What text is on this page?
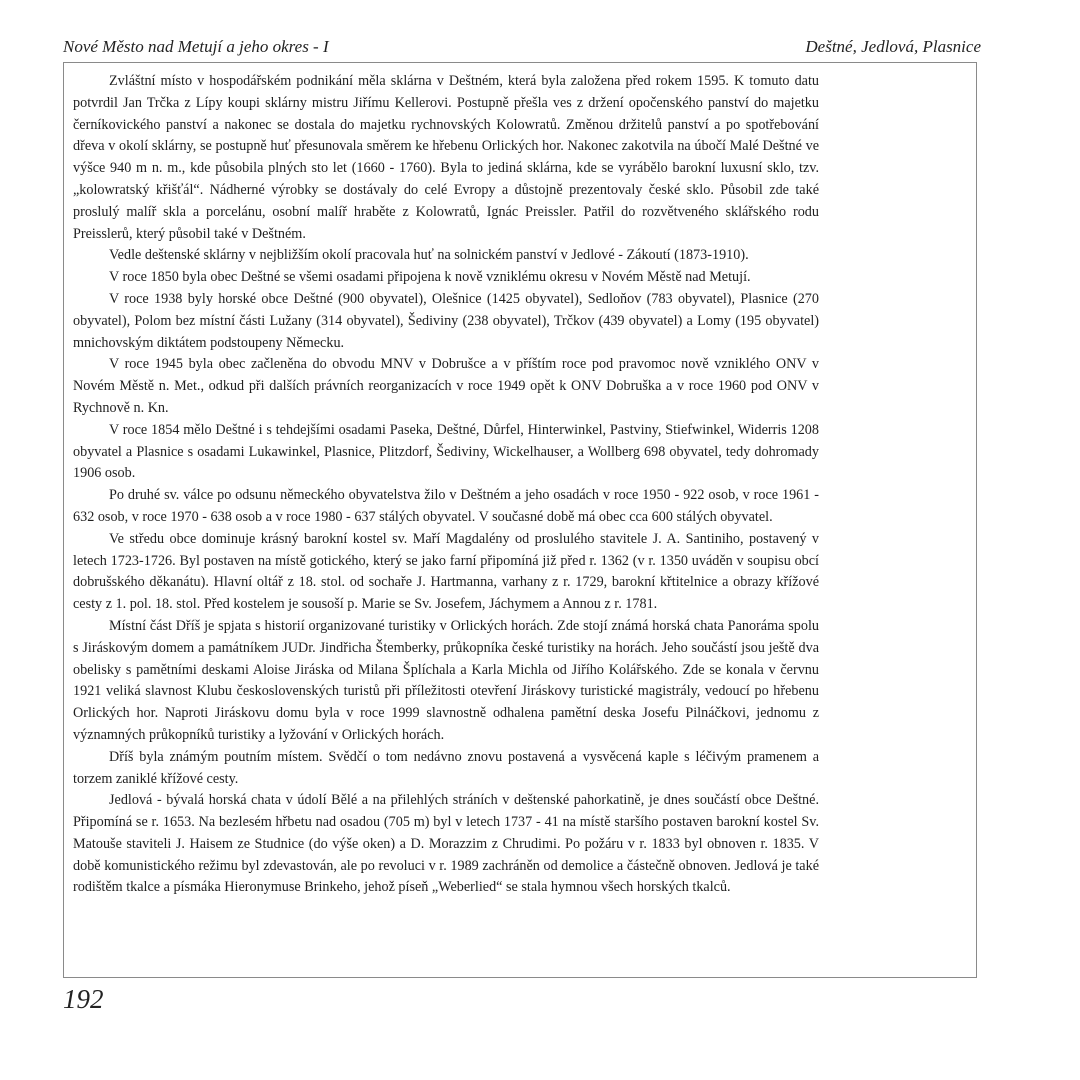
Nové Město nad Metují a jeho okres - I	Deštné, Jedlová, Plasnice

Zvláštní místo v hospodářském podnikání měla sklárna v Deštném, která byla založena před rokem 1595. K tomuto datu potvrdil Jan Trčka z Lípy koupi sklárny mistru Jiřímu Kellerovi. Postupně přešla ves z držení opočenského panství do majetku černíkovického panství a nakonec se dostala do majetku rychnovských Kolowratů. Změnou držitelů panství a po spotřebování dřeva v okolí sklárny, se postupně huť přesunovala směrem ke hřebenu Orlických hor. Nakonec zakotvila na úbočí Malé Deštné ve výšce 940 m n. m., kde působila plných sto let (1660 - 1760). Byla to jediná sklárna, kde se vyrábělo barokní luxusní sklo, tzv. „kolowratský křišťál“. Nádherné výrobky se dostávaly do celé Evropy a důstojně prezentovaly české sklo. Působil zde také proslulý malíř skla a porcelánu, osobní malíř hraběte z Kolowratů, Ignác Preissler. Patřil do rozvětveného sklářského rodu Preisslerů, který působil také v Deštném.

Vedle deštenské sklárny v nejbližším okolí pracovala huť na solnickém panství v Jedlové - Zákoutí (1873-1910).

V roce 1850 byla obec Deštné se všemi osadami připojena k nově vzniklému okresu v Novém Městě nad Metují.

V roce 1938 byly horské obce Deštné (900 obyvatel), Olešnice (1425 obyvatel), Sedloňov (783 obyvatel), Plasnice (270 obyvatel), Polom bez místní části Lužany (314 obyvatel), Šediviny (238 obyvatel), Trčkov (439 obyvatel) a Lomy (195 obyvatel) mnichovským diktátem podstoupeny Německu.

V roce 1945 byla obec začleněna do obvodu MNV v Dobrušce a v příštím roce pod pravomoc nově vzniklého ONV v Novém Městě n. Met., odkud při dalších právních reorganizacích v roce 1949 opět k ONV Dobruška a v roce 1960 pod ONV v Rychnově n. Kn.

V roce 1854 mělo Deštné i s tehdejšími osadami Paseka, Deštné, Důrfel, Hinterwinkel, Pastviny, Stiefwinkel, Widerris 1208 obyvatel a Plasnice s osadami Lukawinkel, Plasnice, Plitzdorf, Šediviny, Wickelhauser, a Wollberg 698 obyvatel, tedy dohromady 1906 osob.

Po druhé sv. válce po odsunu německého obyvatelstva žilo v Deštném a jeho osadách v roce 1950 - 922 osob, v roce 1961 - 632 osob, v roce 1970 - 638 osob a v roce 1980 - 637 stálých obyvatel. V současné době má obec cca 600 stálých obyvatel.

Ve středu obce dominuje krásný barokní kostel sv. Maří Magdalény od proslulého stavitele J. A. Santiniho, postavený v letech 1723-1726. Byl postaven na místě gotického, který se jako farní připomíná již před r. 1362 (v r. 1350 uváděn v soupisu obcí dobrušského děkanátu). Hlavní oltář z 18. stol. od sochaře J. Hartmanna, varhany z r. 1729, barokní křtitelnice a obrazy křížové cesty z 1. pol. 18. stol. Před kostelem je sousoší p. Marie se Sv. Josefem, Jáchymem a Annou z r. 1781.

Místní část Dříš je spjata s historií organizované turistiky v Orlických horách. Zde stojí známá horská chata Panoráma spolu s Jiráskovým domem a památníkem JUDr. Jindřicha Štemberky, průkopníka české turistiky na horách. Jeho součástí jsou ještě dva obelisky s pamětními deskami Aloise Jiráska od Milana Šplíchala a Karla Michla od Jiřího Kolářského. Zde se konala v červnu 1921 veliká slavnost Klubu československých turistů při příležitosti otevření Jiráskovy turistické magistrály, vedoucí po hřebenu Orlických hor. Naproti Jiráskovu domu byla v roce 1999 slavnostně odhalena pamětní deska Josefu Pilnáčkovi, jednomu z významných průkopníků turistiky a lyžování v Orlických horách.

Dříš byla známým poutním místem. Svědčí o tom nedávno znovu postavená a vysvěcená kaple s léčivým pramenem a torzem zaniklé křížové cesty.

Jedlová - bývalá horská chata v údolí Bělé a na přilehlých stráních v deštenské pahorkatině, je dnes součástí obce Deštné. Připomíná se r. 1653. Na bezlesém hřbetu nad osadou (705 m) byl v letech 1737 - 41 na místě staršího postaven barokní kostel Sv. Matouše staviteli J. Haisem ze Studnice (do výše oken) a D. Morazzim z Chrudimi. Po požáru v r. 1833 byl obnoven r. 1835. V době komunistického režimu byl zdevastován, ale po revoluci v r. 1989 zachráněn od demolice a částečně obnoven. Jedlová je také rodištěm tkalce a písmáka Hieronymuse Brinkeho, jehož píseň „Weberlied“ se stala hymnou všech horských tkalců.

192
